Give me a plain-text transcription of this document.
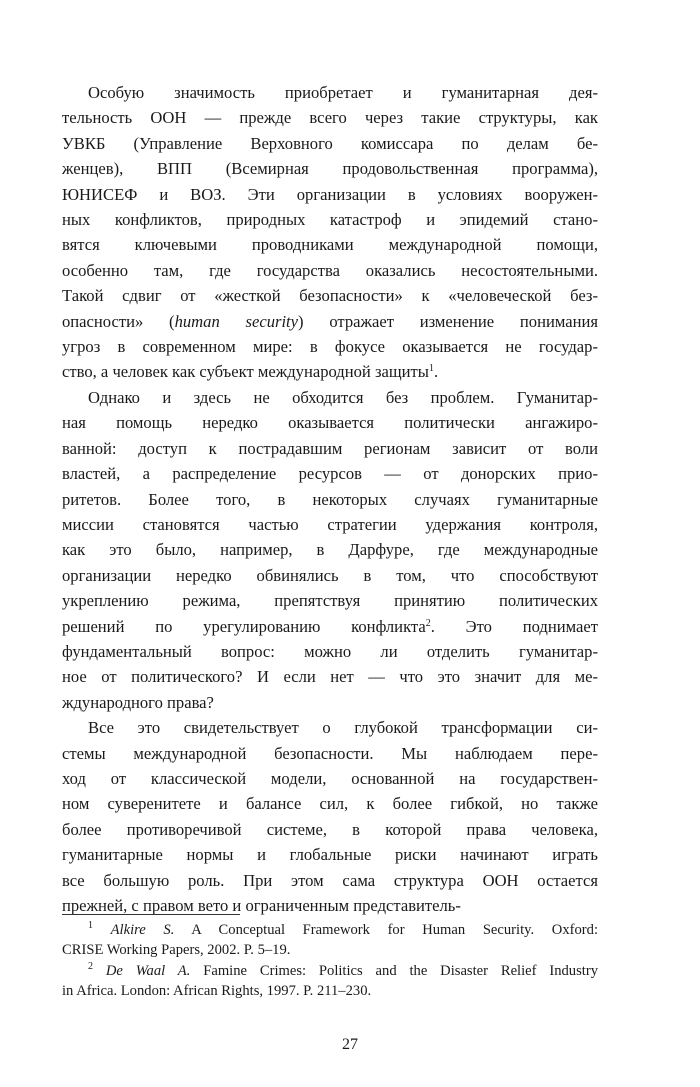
Особую значимость приобретает и гуманитарная дея-
тельность ООН — прежде всего через такие структуры, как
УВКБ (Управление Верховного комиссара по делам бе-
женцев), ВПП (Всемирная продовольственная программа),
ЮНИСЕФ и ВОЗ. Эти организации в условиях вооружен-
ных конфликтов, природных катастроф и эпидемий стано-
вятся ключевыми проводниками международной помощи,
особенно там, где государства оказались несостоятельными.
Такой сдвиг от «жесткой безопасности» к «человеческой без-
опасности» (human security) отражает изменение понимания
угроз в современном мире: в фокусе оказывается не государ-
ство, а человек как субъект международной защиты$^1$.

Однако и здесь не обходится без проблем. Гуманитар-
ная помощь нередко оказывается политически ангажиро-
ванной: доступ к пострадавшим регионам зависит от воли
властей, а распределение ресурсов — от донорских прио-
ритетов. Более того, в некоторых случаях гуманитарные
миссии становятся частью стратегии удержания контроля,
как это было, например, в Дарфуре, где международные
организации нередко обвинялись в том, что способствуют
укреплению режима, препятствуя принятию политических
решений по урегулированию конфликта$^2$. Это поднимает
фундаментальный вопрос: можно ли отделить гуманитар-
ное от политического? И если нет — что это значит для ме-
ждународного права?

Все это свидетельствует о глубокой трансформации си-
стемы международной безопасности. Мы наблюдаем пере-
ход от классической модели, основанной на государствен-
ном суверенитете и балансе сил, к более гибкой, но также
более противоречивой системе, в которой права человека,
гуманитарные нормы и глобальные риски начинают играть
все большую роль. При этом сама структура ООН остается
прежней, с правом вето и ограниченным представитель-

$^1$ Alkire S. A Conceptual Framework for Human Security. Oxford:
CRISE Working Papers, 2002. P. 5–19.

$^2$ De Waal A. Famine Crimes: Politics and the Disaster Relief Industry
in Africa. London: African Rights, 1997. P. 211–230.

27
